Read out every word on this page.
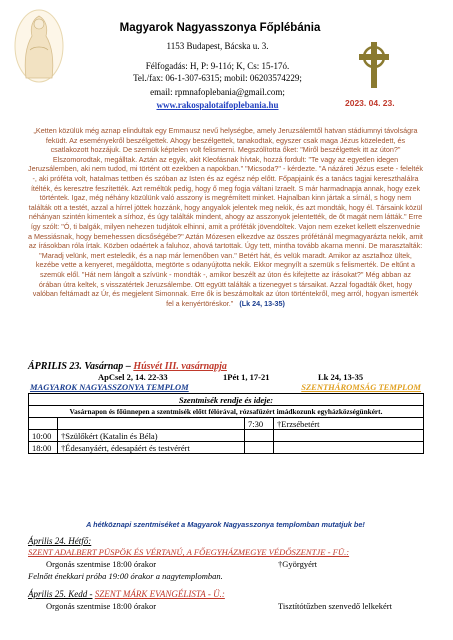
Magyarok Nagyasszonya Főplébánia
1153 Budapest, Bácska u. 3.
Félfogadás: H, P: 9-11ó; K, Cs: 15-17ó.
Tel./fax: 06-1-307-6315; mobil: 06203574229;
email: rpmnafoplebania@gmail.com;
www.rakospalotaifoplebania.hu	2023. 04. 23.
„Ketten közülük még aznap elindultak egy Emmausz nevű helységbe, amely Jeruzsálemtől hatvan stádiumnyi távolságra feküdt. Az eseményekről beszélgettek. Ahogy beszélgettek, tanakodtak, egyszer csak maga Jézus közeledett, és csatlakozott hozzájuk. De szemük képtelen volt felismerni. Megszólította őket: "Miről beszélgettek itt az úton?" Elszomorodtak, megálltak. Aztán az egyik, akit Kleofásnak hívtak, hozzá fordult: "Te vagy az egyetlen idegen Jeruzsálemben, aki nem tudod, mi történt ott ezekben a napokban." "Micsoda?" - kérdezte. "A názáreti Jézus esete - felelték -, aki próféta volt, hatalmas tettben és szóban az Isten és az egész nép előtt. Főpapjaink és a tanács tagjai kereszthalálra ítélték, és keresztre feszítették. Azt reméltük pedig, hogy ő meg fogja váltani Izraelt. S már harmadnapja annak, hogy ezek történtek. Igaz, még néhány közülünk való asszony is megrémített minket. Hajnalban kinn jártak a sírnál, s hogy nem találták ott a testét, azzal a hírrel jöttek hozzánk, hogy angyalok jelentek meg nekik, és azt mondták, hogy él. Társaink közül néhányan szintén kimentek a sírhoz, és úgy találták mindent, ahogy az asszonyok jelentették, de őt magát nem látták." Erre így szólt: "Ó, ti balgák, milyen nehezen tudjátok elhinni, amit a próféták jövendöltek. Vajon nem ezeket kellett elszenvednie a Messiásnak, hogy bemehessen dicsőségébe?" Aztán Mózesen elkezdve az összes prófétánál megmagyarázta nekik, amit az írásokban róla írtak. Közben odaértek a faluhoz, ahová tartottak. Úgy tett, mintha tovább akarna menni. De marasztalták: "Maradj velünk, mert esteledik, és a nap már lemenőben van." Betért hát, és velük maradt. Amikor az asztalhoz ültek, kezébe vette a kenyeret, megáldotta, megtörte s odanyújtotta nekik. Ekkor megnyílt a szemük s felismerték. De eltűnt a szemük elől. "Hát nem lángolt a szívünk - mondták -, amikor beszélt az úton és kifejtette az írásokat?" Még abban az órában útra keltek, s visszatértek Jeruzsálembe. Ott együtt találták a tizenegyet s társaikat. Azzal fogadták őket, hogy valóban feltámadt az Úr, és megjelent Simonnak. Erre ők is beszámoltak az úton történtekről, meg arról, hogyan ismerték fel a kenyértöréskor." (Lk 24, 13-35)
ÁPRILIS 23. Vasárnap – Húsvét III. vasárnapja
ApCsel 2, 14. 22-33	1Pét 1, 17-21	Lk 24, 13-35
MAGYAROK NAGYASSZONYA TEMPLOM	SZENTHÁROMSÁG TEMPLOM
Szentmisék rendje és ideje:			
Vasárnapon és főünnepen a szentmisék előtt félórával, rózsafüzért imádkozunk egyházközségünkért.			
		7:30	†Erzsébetért
10:00	†Szülőkért (Katalin és Béla)		
18:00	†Édesanyáért, édesapáért és testvérért		
A hétköznapi szentmiséket a Magyarok Nagyasszonya templomban mutatjuk be!
Április 24. Hétfő:
SZENT ADALBERT PÜSPÖK ÉS VÉRTANÚ, A FŐEGYHÁZMEGYE VÉDŐSZENTJE - FÜ.:
Orgonás szentmise 18:00 órakor	†Györgyért
Felnőtt énekkari próba 19:00 órakor a nagytemplomban.
Április 25. Kedd - SZENT MÁRK EVANGÉLISTA - Ü.:
Orgonás szentmise 18:00 órakor	Tisztítótűzben szenvedő lelkekért
